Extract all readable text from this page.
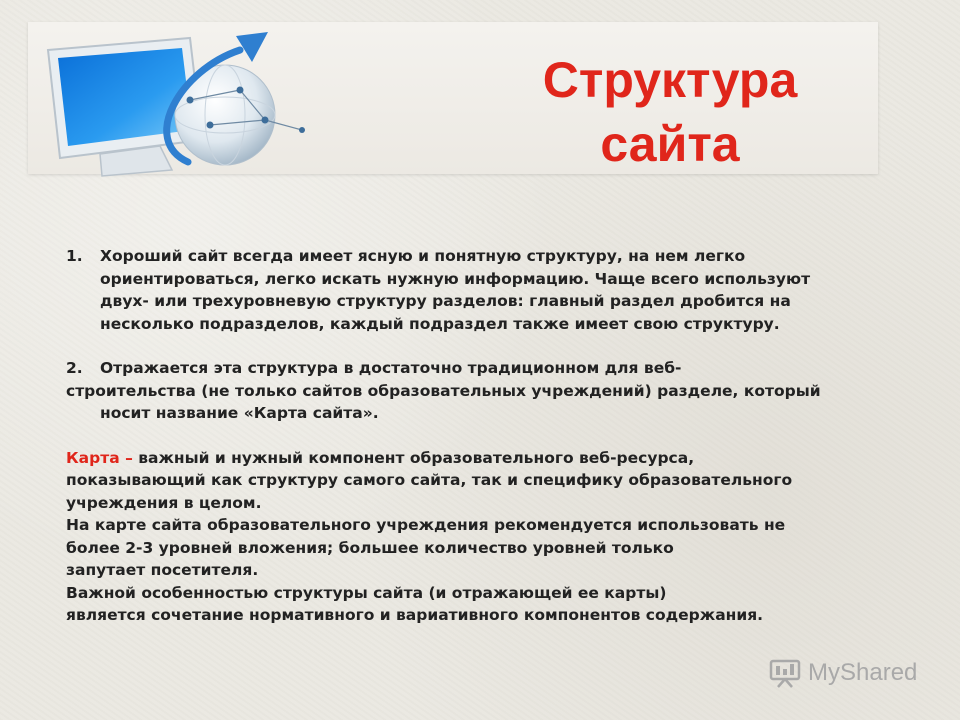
Структура
сайта
1.	Хороший сайт всегда имеет ясную и понятную структуру, на нем легко
ориентироваться, легко искать нужную информацию. Чаще всего используют
двух- или трехуровневую структуру разделов: главный раздел дробится на
несколько подразделов, каждый подраздел также имеет свою структуру.
2.	Отражается эта структура в достаточно традиционном для веб-
строительства (не только сайтов образовательных учреждений) разделе, который
носит название «Карта сайта».
Карта – важный и нужный компонент образовательного веб-ресурса,
показывающий как структуру самого сайта, так и специфику образовательного
учреждения в целом.
На карте сайта образовательного учреждения рекомендуется использовать не
более 2-3 уровней вложения; большее количество уровней только
запутает посетителя.
Важной особенностью структуры сайта (и отражающей ее карты)
является сочетание нормативного и вариативного компонентов содержания.
MyShared
